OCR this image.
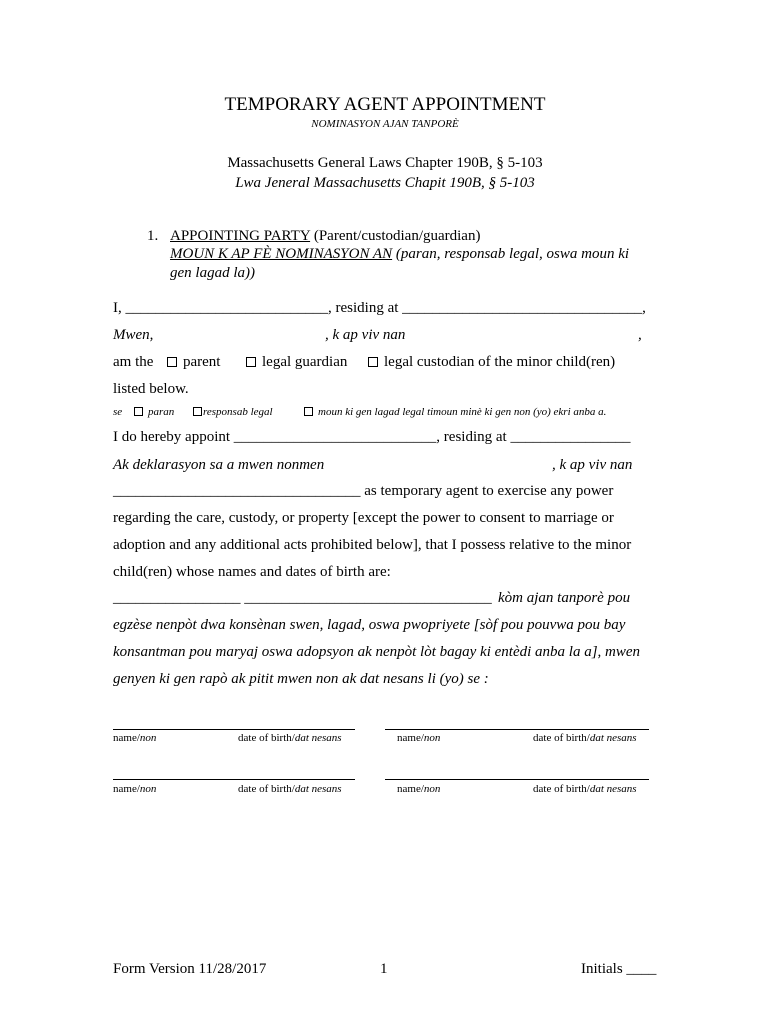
TEMPORARY AGENT APPOINTMENT
NOMINASYON AJAN TANPORÈ
Massachusetts General Laws Chapter 190B, § 5-103
Lwa Jeneral Massachusetts Chapit 190B, § 5-103
1. APPOINTING PARTY (Parent/custodian/guardian)
MOUN K AP FÈ NOMINASYON AN (paran, responsab legal, oswa moun ki
gen lagad la))
I, ___________________________, residing at ________________________________,
Mwen,	, k ap viv nan	,
am the	parent	legal guardian	legal custodian of the minor child(ren)
listed below.
se	paran	responsab legal	moun ki gen lagad legal timoun minè ki gen non (yo) ekri anba a.
I do hereby appoint ___________________________, residing at ________________
Ak deklarasyon sa a mwen nonmen	, k ap viv nan
_________________________________ as temporary agent to exercise any power
regarding the care, custody, or property [except the power to consent to marriage or
adoption and any additional acts prohibited below], that I possess relative to the minor
child(ren) whose names and dates of birth are:
_________________ _________________________________ kòm ajan tanporè pou
egzèse nenpòt dwa konsènan swen, lagad, oswa pwopriyete [sòf pou pouvwa pou bay
konsantman pou maryaj oswa adopsyon ak nenpòt lòt bagay ki entèdi anba la a], mwen
genyen ki gen rapò ak pitit mwen non ak dat nesans li (yo) se :
name/non	date of birth/dat nesans	name/non	date of birth/dat nesans
name/non	date of birth/dat nesans	name/non	date of birth/dat nesans
Form Version 11/28/2017	1	Initials ____
